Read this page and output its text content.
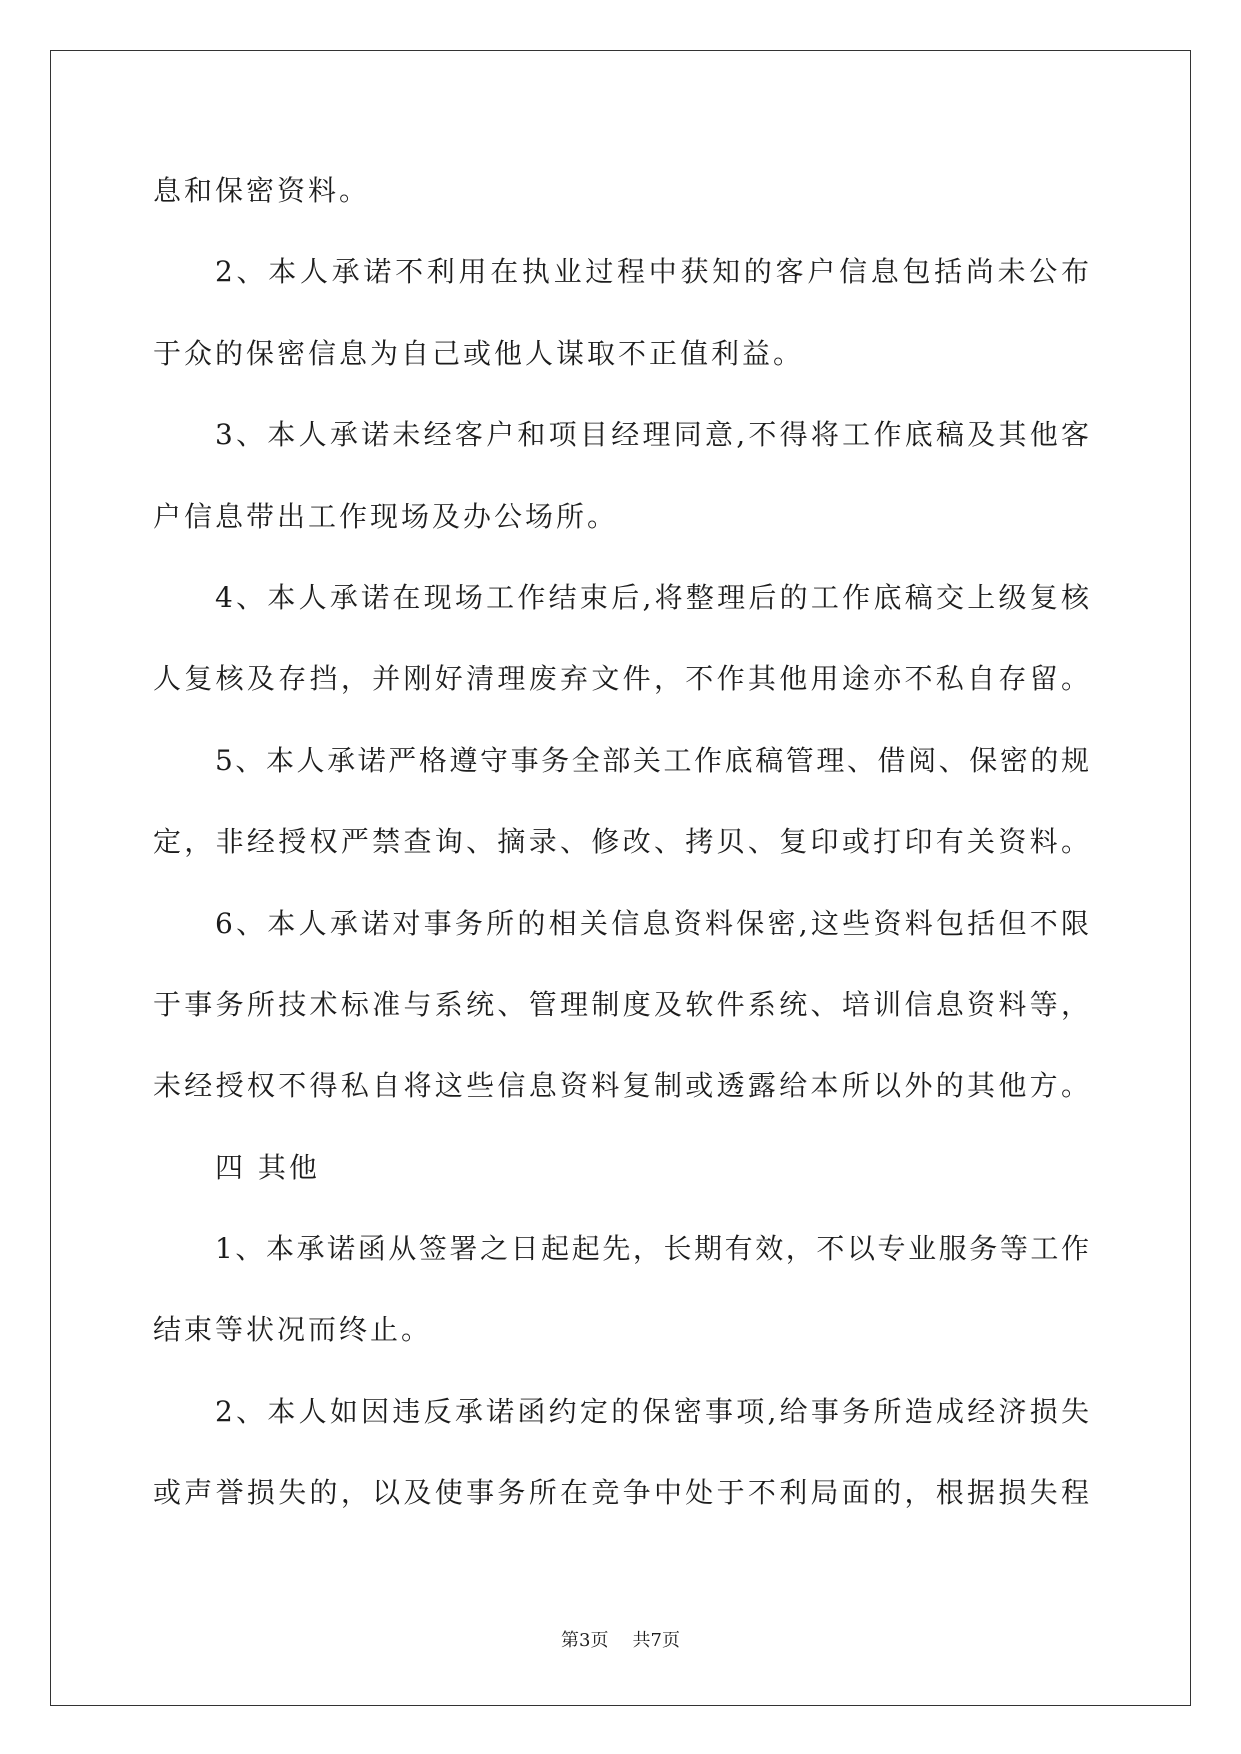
息和保密资料。
2、本人承诺不利用在执业过程中获知的客户信息包括尚未公布
于众的保密信息为自己或他人谋取不正值利益。
3、本人承诺未经客户和项目经理同意,不得将工作底稿及其他客
户信息带出工作现场及办公场所。
4、本人承诺在现场工作结束后,将整理后的工作底稿交上级复核
人复核及存挡，并刚好清理废弃文件，不作其他用途亦不私自存留。
5、本人承诺严格遵守事务全部关工作底稿管理、借阅、保密的规
定，非经授权严禁查询、摘录、修改、拷贝、复印或打印有关资料。
6、本人承诺对事务所的相关信息资料保密,这些资料包括但不限
于事务所技术标准与系统、管理制度及软件系统、培训信息资料等，
未经授权不得私自将这些信息资料复制或透露给本所以外的其他方。
四 其他
1、本承诺函从签署之日起起先，长期有效，不以专业服务等工作
结束等状况而终止。
2、本人如因违反承诺函约定的保密事项,给事务所造成经济损失
或声誉损失的，以及使事务所在竞争中处于不利局面的，根据损失程
第3页 共7页
